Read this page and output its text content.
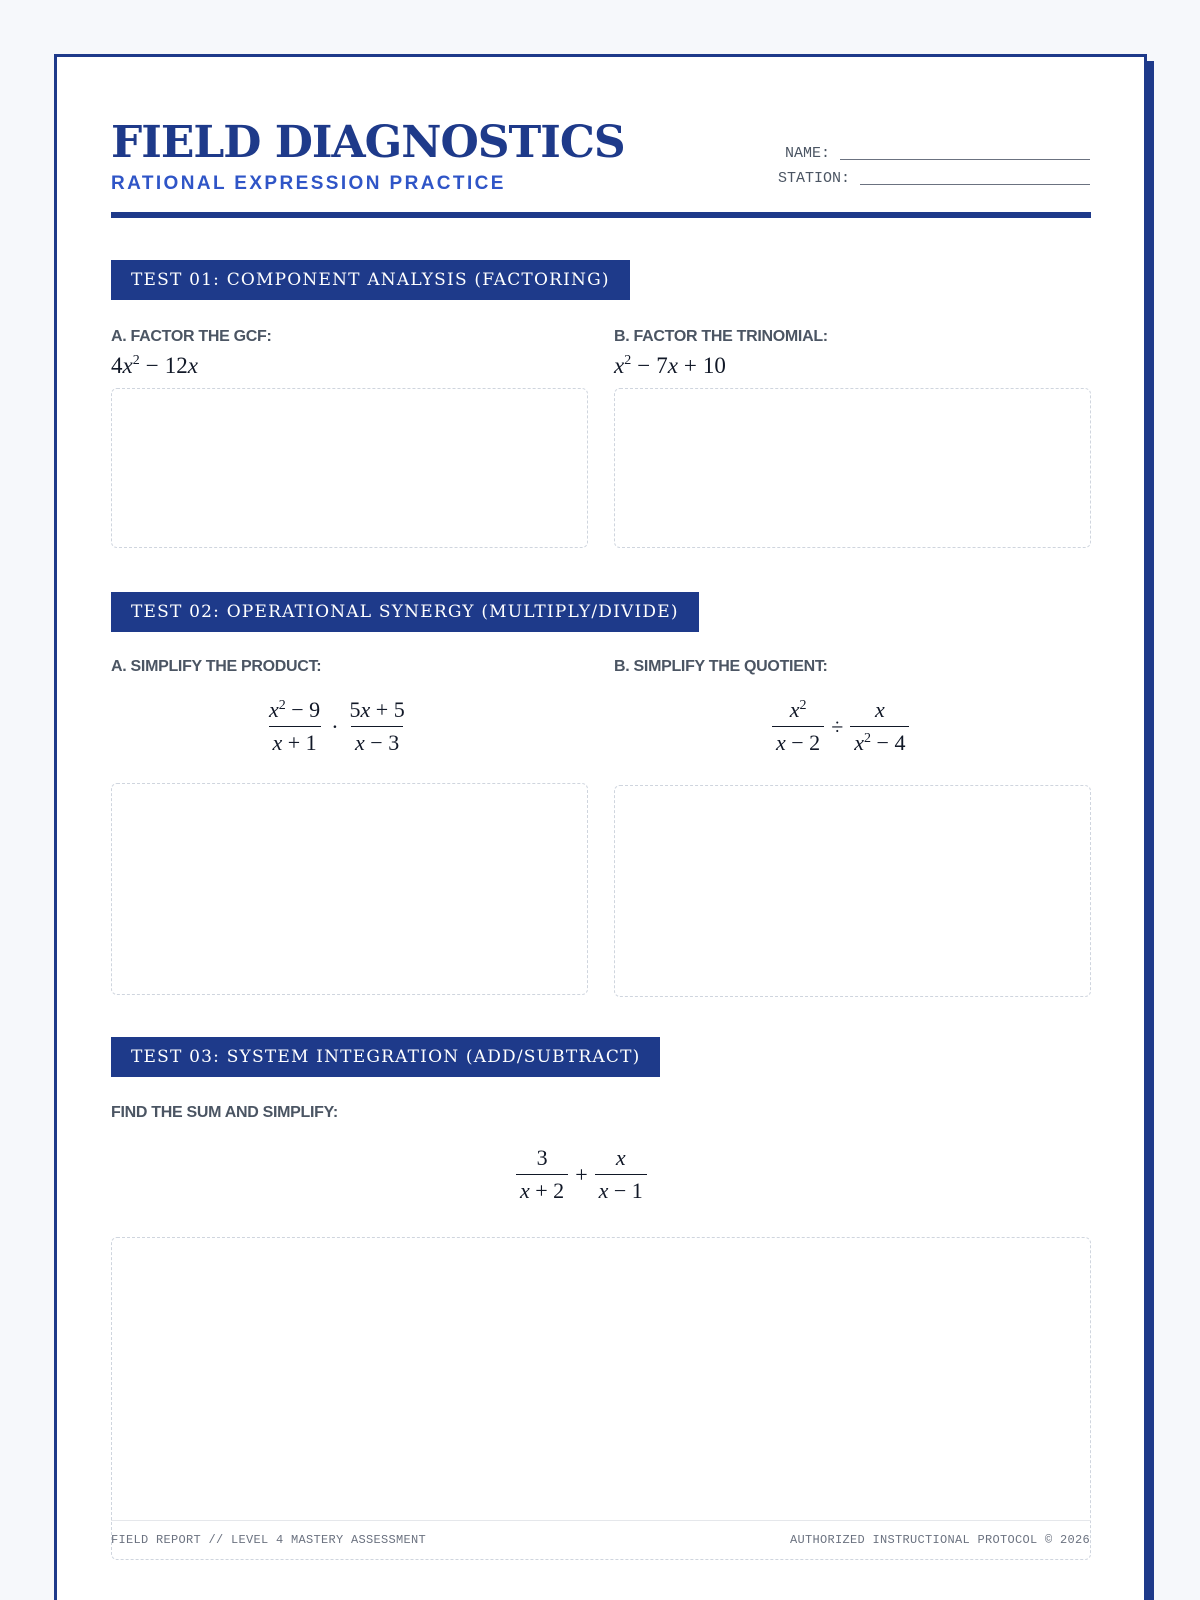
FIELD DIAGNOSTICS
RATIONAL EXPRESSION PRACTICE
NAME:
STATION:
TEST 01: COMPONENT ANALYSIS (FACTORING)
A. FACTOR THE GCF:
$4x^2 - 12x$
B. FACTOR THE TRINOMIAL:
$x^2 - 7x + 10$
TEST 02: OPERATIONAL SYNERGY (MULTIPLY/DIVIDE)
A. SIMPLIFY THE PRODUCT:
$\frac{x^2 - 9}{x + 1} \cdot \frac{5x + 5}{x - 3}$
B. SIMPLIFY THE QUOTIENT:
$\frac{x^2}{x - 2} \div \frac{x}{x^2 - 4}$
TEST 03: SYSTEM INTEGRATION (ADD/SUBTRACT)
FIND THE SUM AND SIMPLIFY:
$\frac{3}{x + 2} + \frac{x}{x - 1}$
FIELD REPORT // LEVEL 4 MASTERY ASSESSMENT	AUTHORIZED INSTRUCTIONAL PROTOCOL © 2026
